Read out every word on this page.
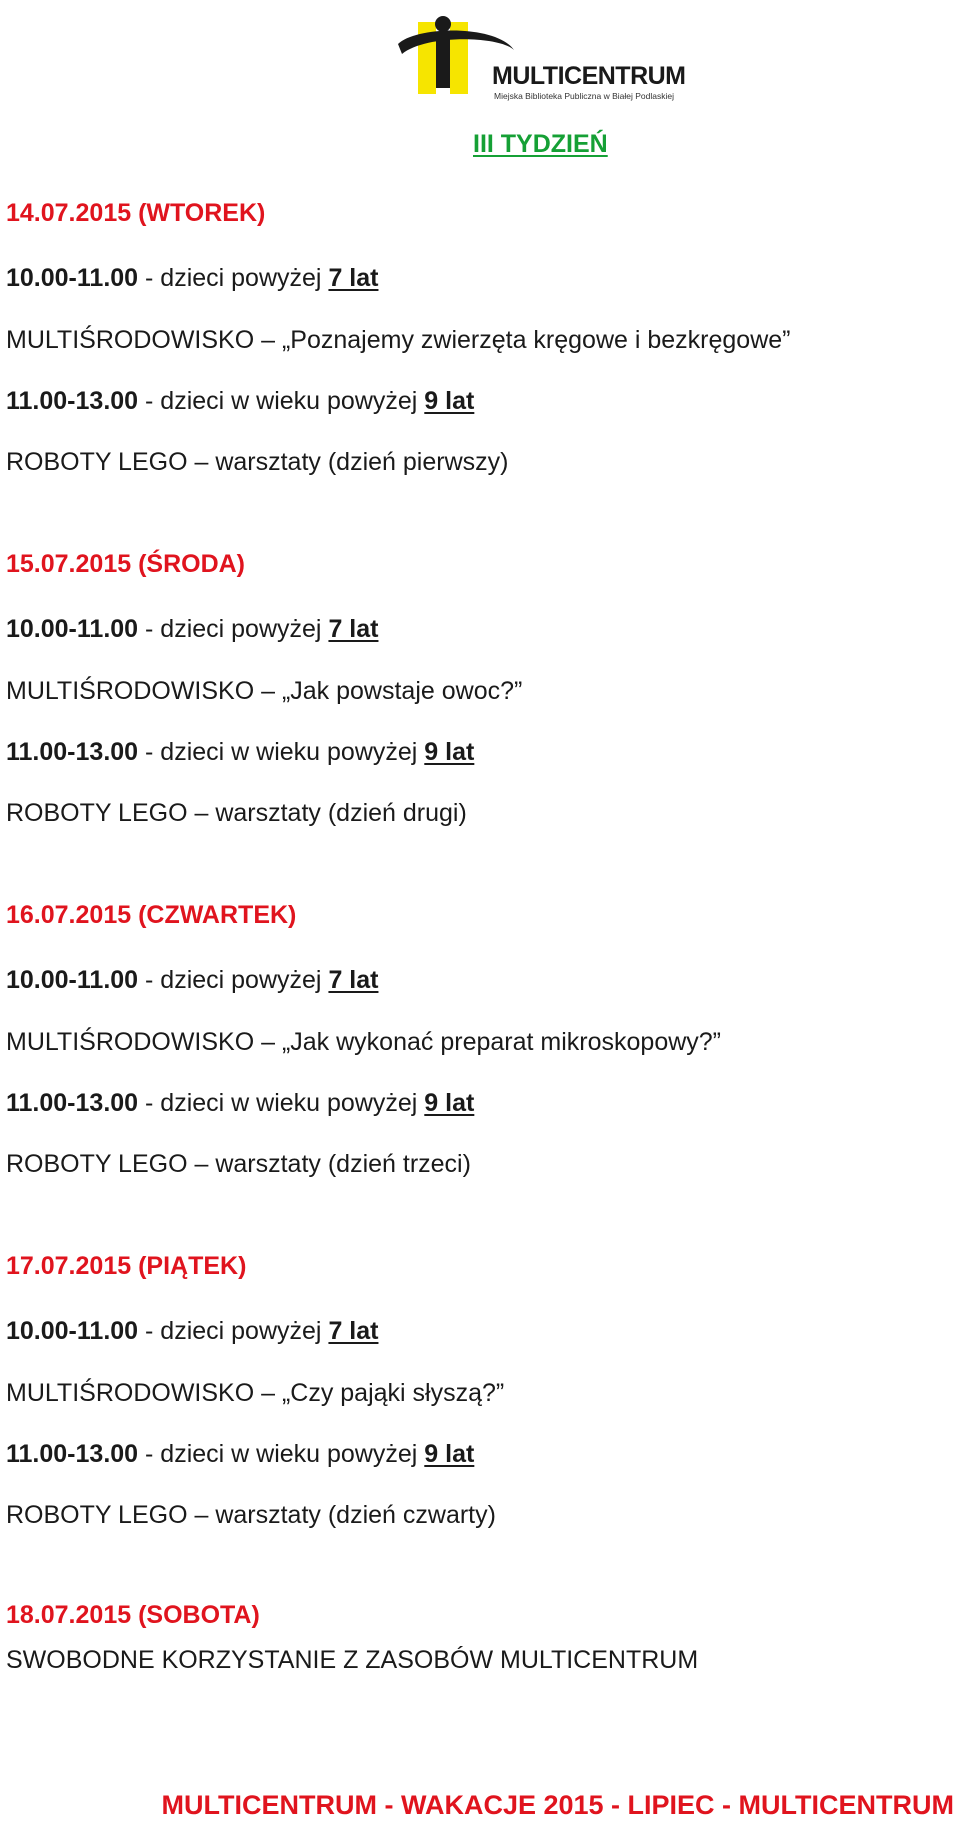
MULTICENTRUM
Miejska Biblioteka Publiczna w Białej Podlaskiej
III TYDZIEŃ
14.07.2015 (WTOREK)
10.00-11.00 - dzieci powyżej 7 lat
MULTIŚRODOWISKO – „Poznajemy zwierzęta kręgowe i bezkręgowe”
11.00-13.00 - dzieci w wieku powyżej 9 lat
ROBOTY LEGO – warsztaty (dzień pierwszy)
15.07.2015 (ŚRODA)
10.00-11.00 - dzieci powyżej 7 lat
MULTIŚRODOWISKO – „Jak powstaje owoc?”
11.00-13.00 - dzieci w wieku powyżej 9 lat
ROBOTY LEGO – warsztaty (dzień drugi)
16.07.2015 (CZWARTEK)
10.00-11.00 - dzieci powyżej 7 lat
MULTIŚRODOWISKO – „Jak wykonać preparat mikroskopowy?”
11.00-13.00 - dzieci w wieku powyżej 9 lat
ROBOTY LEGO – warsztaty (dzień trzeci)
17.07.2015 (PIĄTEK)
10.00-11.00 - dzieci powyżej 7 lat
MULTIŚRODOWISKO – „Czy pająki słyszą?”
11.00-13.00 - dzieci w wieku powyżej 9 lat
ROBOTY LEGO – warsztaty (dzień czwarty)
18.07.2015 (SOBOTA)
SWOBODNE KORZYSTANIE Z ZASOBÓW MULTICENTRUM
MULTICENTRUM - WAKACJE 2015 - LIPIEC - MULTICENTRUM
